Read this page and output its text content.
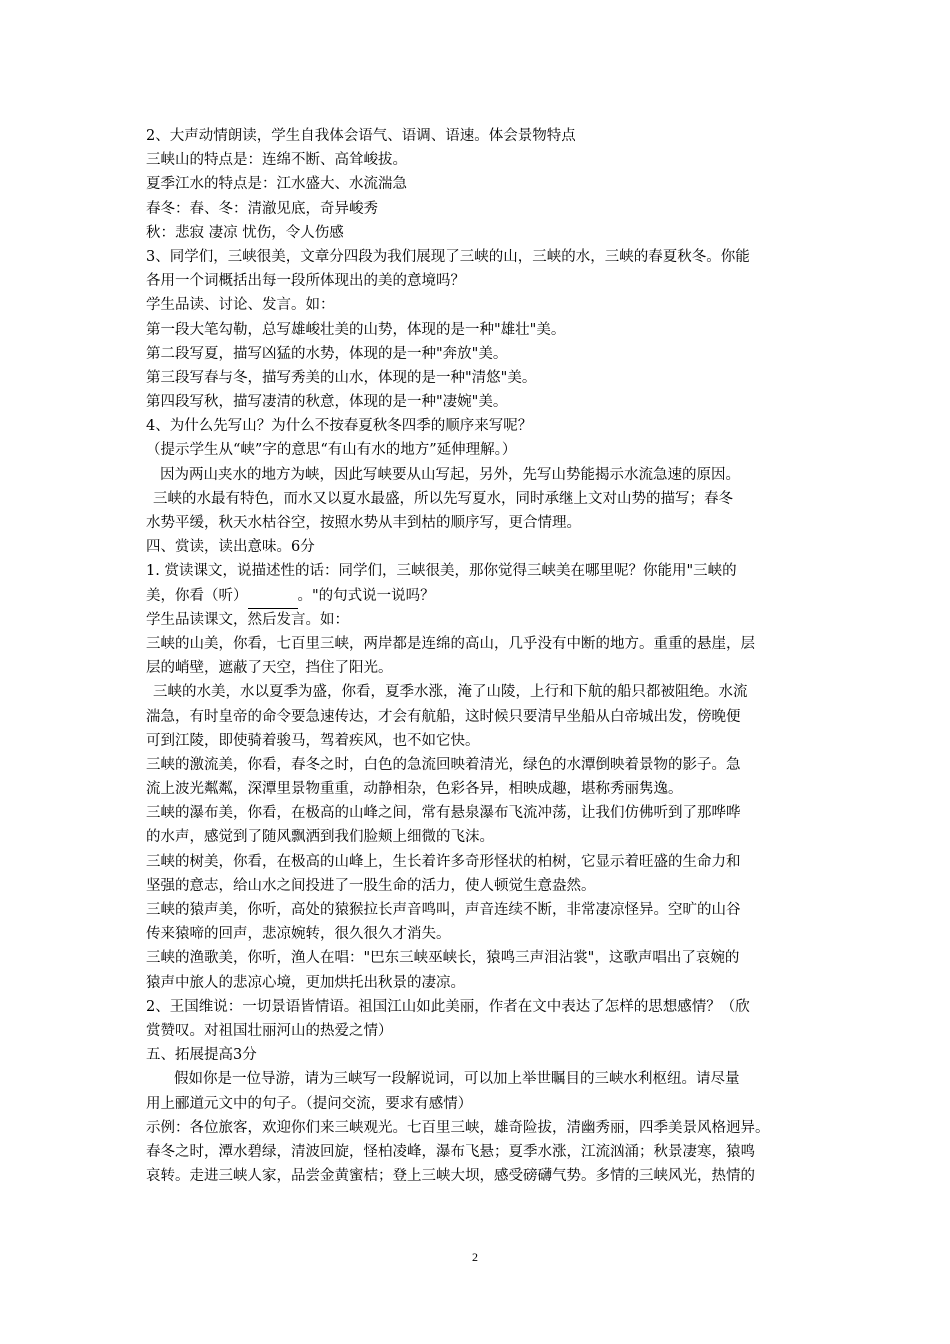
2、大声动情朗读，学生自我体会语气、语调、语速。体会景物特点
三峡山的特点是：连绵不断、高耸峻拔。
夏季江水的特点是：江水盛大、水流湍急
春冬：春、冬：清澈见底，奇异峻秀
秋：悲寂 凄凉 忧伤，令人伤感
3、同学们，三峡很美，文章分四段为我们展现了三峡的山，三峡的水，三峡的春夏秋冬。你能
各用一个词概括出每一段所体现出的美的意境吗？
学生品读、讨论、发言。如：
第一段大笔勾勒，总写雄峻壮美的山势，体现的是一种"雄壮"美。
第二段写夏，描写凶猛的水势，体现的是一种"奔放"美。
第三段写春与冬，描写秀美的山水，体现的是一种"清悠"美。
第四段写秋，描写凄清的秋意，体现的是一种"凄婉"美。
4、为什么先写山？为什么不按春夏秋冬四季的顺序来写呢？
（提示学生从“峡”字的意思“有山有水的地方”延伸理解。）
因为两山夹水的地方为峡，因此写峡要从山写起，另外，先写山势能揭示水流急速的原因。
三峡的水最有特色，而水又以夏水最盛，所以先写夏水，同时承继上文对山势的描写；春冬
水势平缓，秋天水枯谷空，按照水势从丰到枯的顺序写，更合情理。
四、赏读，读出意味。6分
1. 赏读课文，说描述性的话：同学们，三峡很美，那你觉得三峡美在哪里呢？你能用"三峡的
美，你看（听）	。"的句式说一说吗？
学生品读课文，然后发言。如：
三峡的山美，你看，七百里三峡，两岸都是连绵的高山，几乎没有中断的地方。重重的悬崖，层
层的峭壁，遮蔽了天空，挡住了阳光。
三峡的水美，水以夏季为盛，你看，夏季水涨，淹了山陵，上行和下航的船只都被阻绝。水流
湍急，有时皇帝的命令要急速传达，才会有航船，这时候只要清早坐船从白帝城出发，傍晚便
可到江陵，即使骑着骏马，驾着疾风，也不如它快。
三峡的激流美，你看，春冬之时，白色的急流回映着清光，绿色的水潭倒映着景物的影子。急
流上波光粼粼，深潭里景物重重，动静相杂，色彩各异，相映成趣，堪称秀丽隽逸。
三峡的瀑布美，你看，在极高的山峰之间，常有悬泉瀑布飞流冲荡，让我们仿佛听到了那哗哗
的水声，感觉到了随风飘洒到我们脸颊上细微的飞沫。
三峡的树美，你看，在极高的山峰上，生长着许多奇形怪状的柏树，它显示着旺盛的生命力和
坚强的意志，给山水之间投进了一股生命的活力，使人顿觉生意盎然。
三峡的猿声美，你听，高处的猿猴拉长声音鸣叫，声音连续不断，非常凄凉怪异。空旷的山谷
传来猿啼的回声，悲凉婉转，很久很久才消失。
三峡的渔歌美，你听，渔人在唱："巴东三峡巫峡长，猿鸣三声泪沾裳"，这歌声唱出了哀婉的
猿声中旅人的悲凉心境，更加烘托出秋景的凄凉。
2、王国维说：一切景语皆情语。祖国江山如此美丽，作者在文中表达了怎样的思想感情？（欣
赏赞叹。对祖国壮丽河山的热爱之情）
五、拓展提高3分
假如你是一位导游，请为三峡写一段解说词，可以加上举世瞩目的三峡水利枢纽。请尽量
用上郦道元文中的句子。（提问交流，要求有感情）
示例：各位旅客，欢迎你们来三峡观光。七百里三峡，雄奇险拔，清幽秀丽，四季美景风格迥异。
春冬之时，潭水碧绿，清波回旋，怪柏凌峰，瀑布飞悬；夏季水涨，江流汹涌；秋景凄寒，猿鸣
哀转。走进三峡人家，品尝金黄蜜桔；登上三峡大坝，感受磅礴气势。多情的三峡风光，热情的
2
